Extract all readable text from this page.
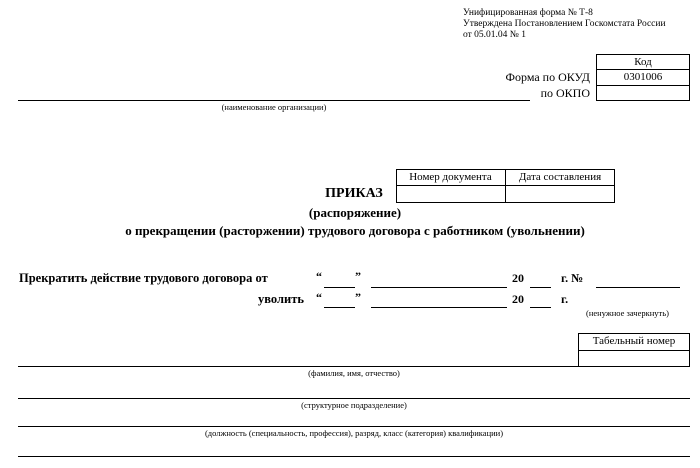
Унифицированная форма № Т-8
Утверждена Постановлением Госкомстата России
от 05.01.04 № 1
Код
0301006
Форма по ОКУД
по ОКПО
(наименование организации)
Номер документа	Дата составления
ПРИКАЗ
(распоряжение)
о прекращении (расторжении) трудового договора с работником (увольнении)
Прекратить действие трудового договора от	“	”	20	г. №
уволить “	”	20	г.
(ненужное зачеркнуть)
Табельный номер
(фамилия, имя, отчество)
(структурное подразделение)
(должность (специальность, профессия), разряд, класс (категория) квалификации)
